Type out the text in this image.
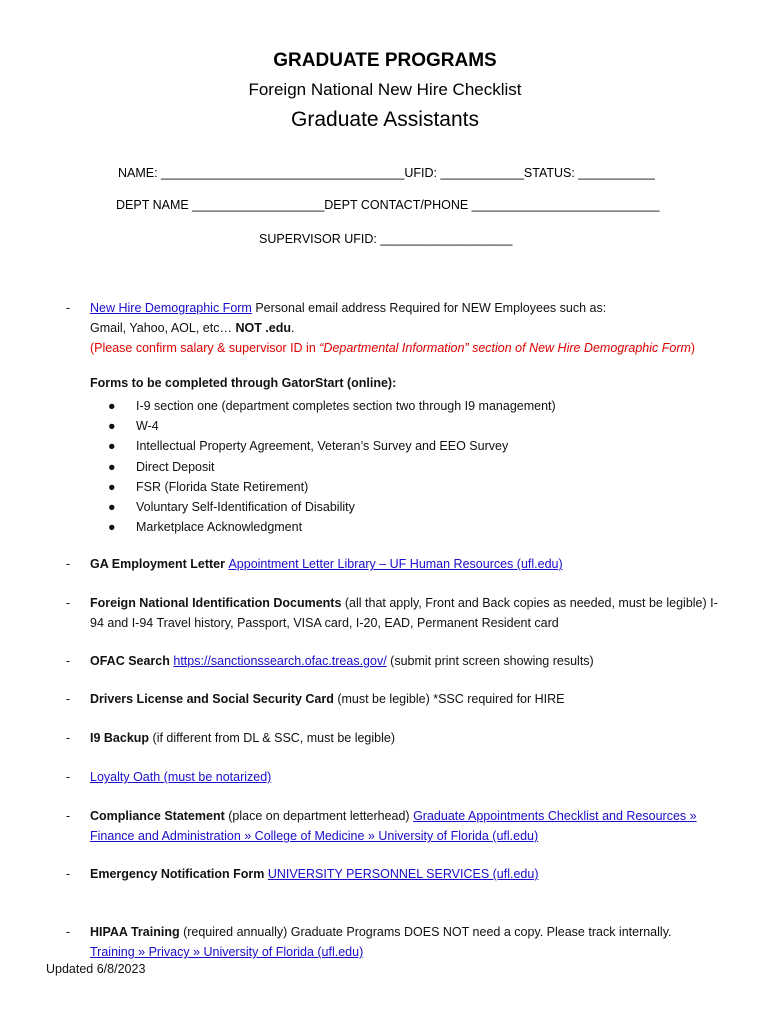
GRADUATE PROGRAMS
Foreign National New Hire Checklist
Graduate Assistants
NAME: ___________________________________UFID: ____________STATUS: ___________
DEPT NAME ___________________DEPT CONTACT/PHONE ___________________________
SUPERVISOR UFID: ___________________
- New Hire Demographic Form Personal email address Required for NEW Employees such as:
Gmail, Yahoo, AOL, etc… NOT .edu.
(Please confirm salary & supervisor ID in “Departmental Information” section of New Hire Demographic Form)
Forms to be completed through GatorStart (online):
● I-9 section one (department completes section two through I9 management)
● W-4
● Intellectual Property Agreement, Veteran’s Survey and EEO Survey
● Direct Deposit
● FSR (Florida State Retirement)
● Voluntary Self-Identification of Disability
● Marketplace Acknowledgment
- GA Employment Letter Appointment Letter Library – UF Human Resources (ufl.edu)
- Foreign National Identification Documents (all that apply, Front and Back copies as needed, must be legible) I-
94 and I-94 Travel history, Passport, VISA card, I-20, EAD, Permanent Resident card
- OFAC Search https://sanctionssearch.ofac.treas.gov/ (submit print screen showing results)
- Drivers License and Social Security Card (must be legible) *SSC required for HIRE
- I9 Backup (if different from DL & SSC, must be legible)
- Loyalty Oath (must be notarized)
- Compliance Statement (place on department letterhead) Graduate Appointments Checklist and Resources »
Finance and Administration » College of Medicine » University of Florida (ufl.edu)
- Emergency Notification Form UNIVERSITY PERSONNEL SERVICES (ufl.edu)
- HIPAA Training (required annually) Graduate Programs DOES NOT need a copy. Please track internally.
Training » Privacy » University of Florida (ufl.edu)
Updated 6/8/2023
